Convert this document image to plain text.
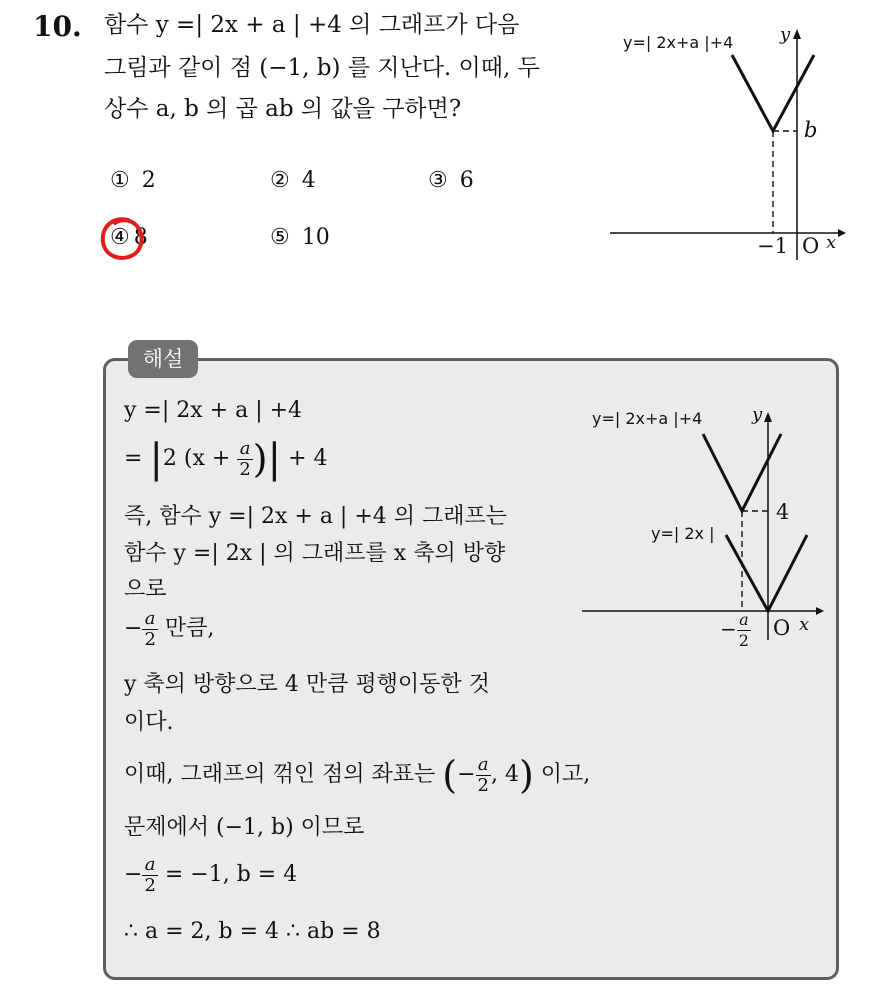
10. 함수 y =| 2x + a | +4 의 그래프가 다음
그림과 같이 점 (−1, b) 를 지난다. 이때, 두
상수 a, b 의 곱 ab 의 값을 구하면?
① 2	② 4	③ 6
④ 8	⑤ 10
y=| 2x+a |+4	y
x
O
−1
b
해설
y =| 2x + a | +4
= |2 ($x + \frac{a}{2}$ )| + 4
즉, 함수 y =| 2x + a | +4 의 그래프는
함수 y =| 2x | 의 그래프를 x 축의 방향
으로
− $\frac{a}{2}$ 만큼,
y 축의 방향으로 4 만큼 평행이동한 것
이다.
이때, 그래프의 꺾인 점의 좌표는 (− $\frac{a}{2}$ , 4) 이고,
문제에서 (−1, b) 이므로
− $\frac{a}{2} = -1$, b = 4
∴ a = 2, b = 4 ∴ ab = 8
y=| 2x+a |+4
y=| 2x |
y
x
O
4
− $\frac{a}{2}$
